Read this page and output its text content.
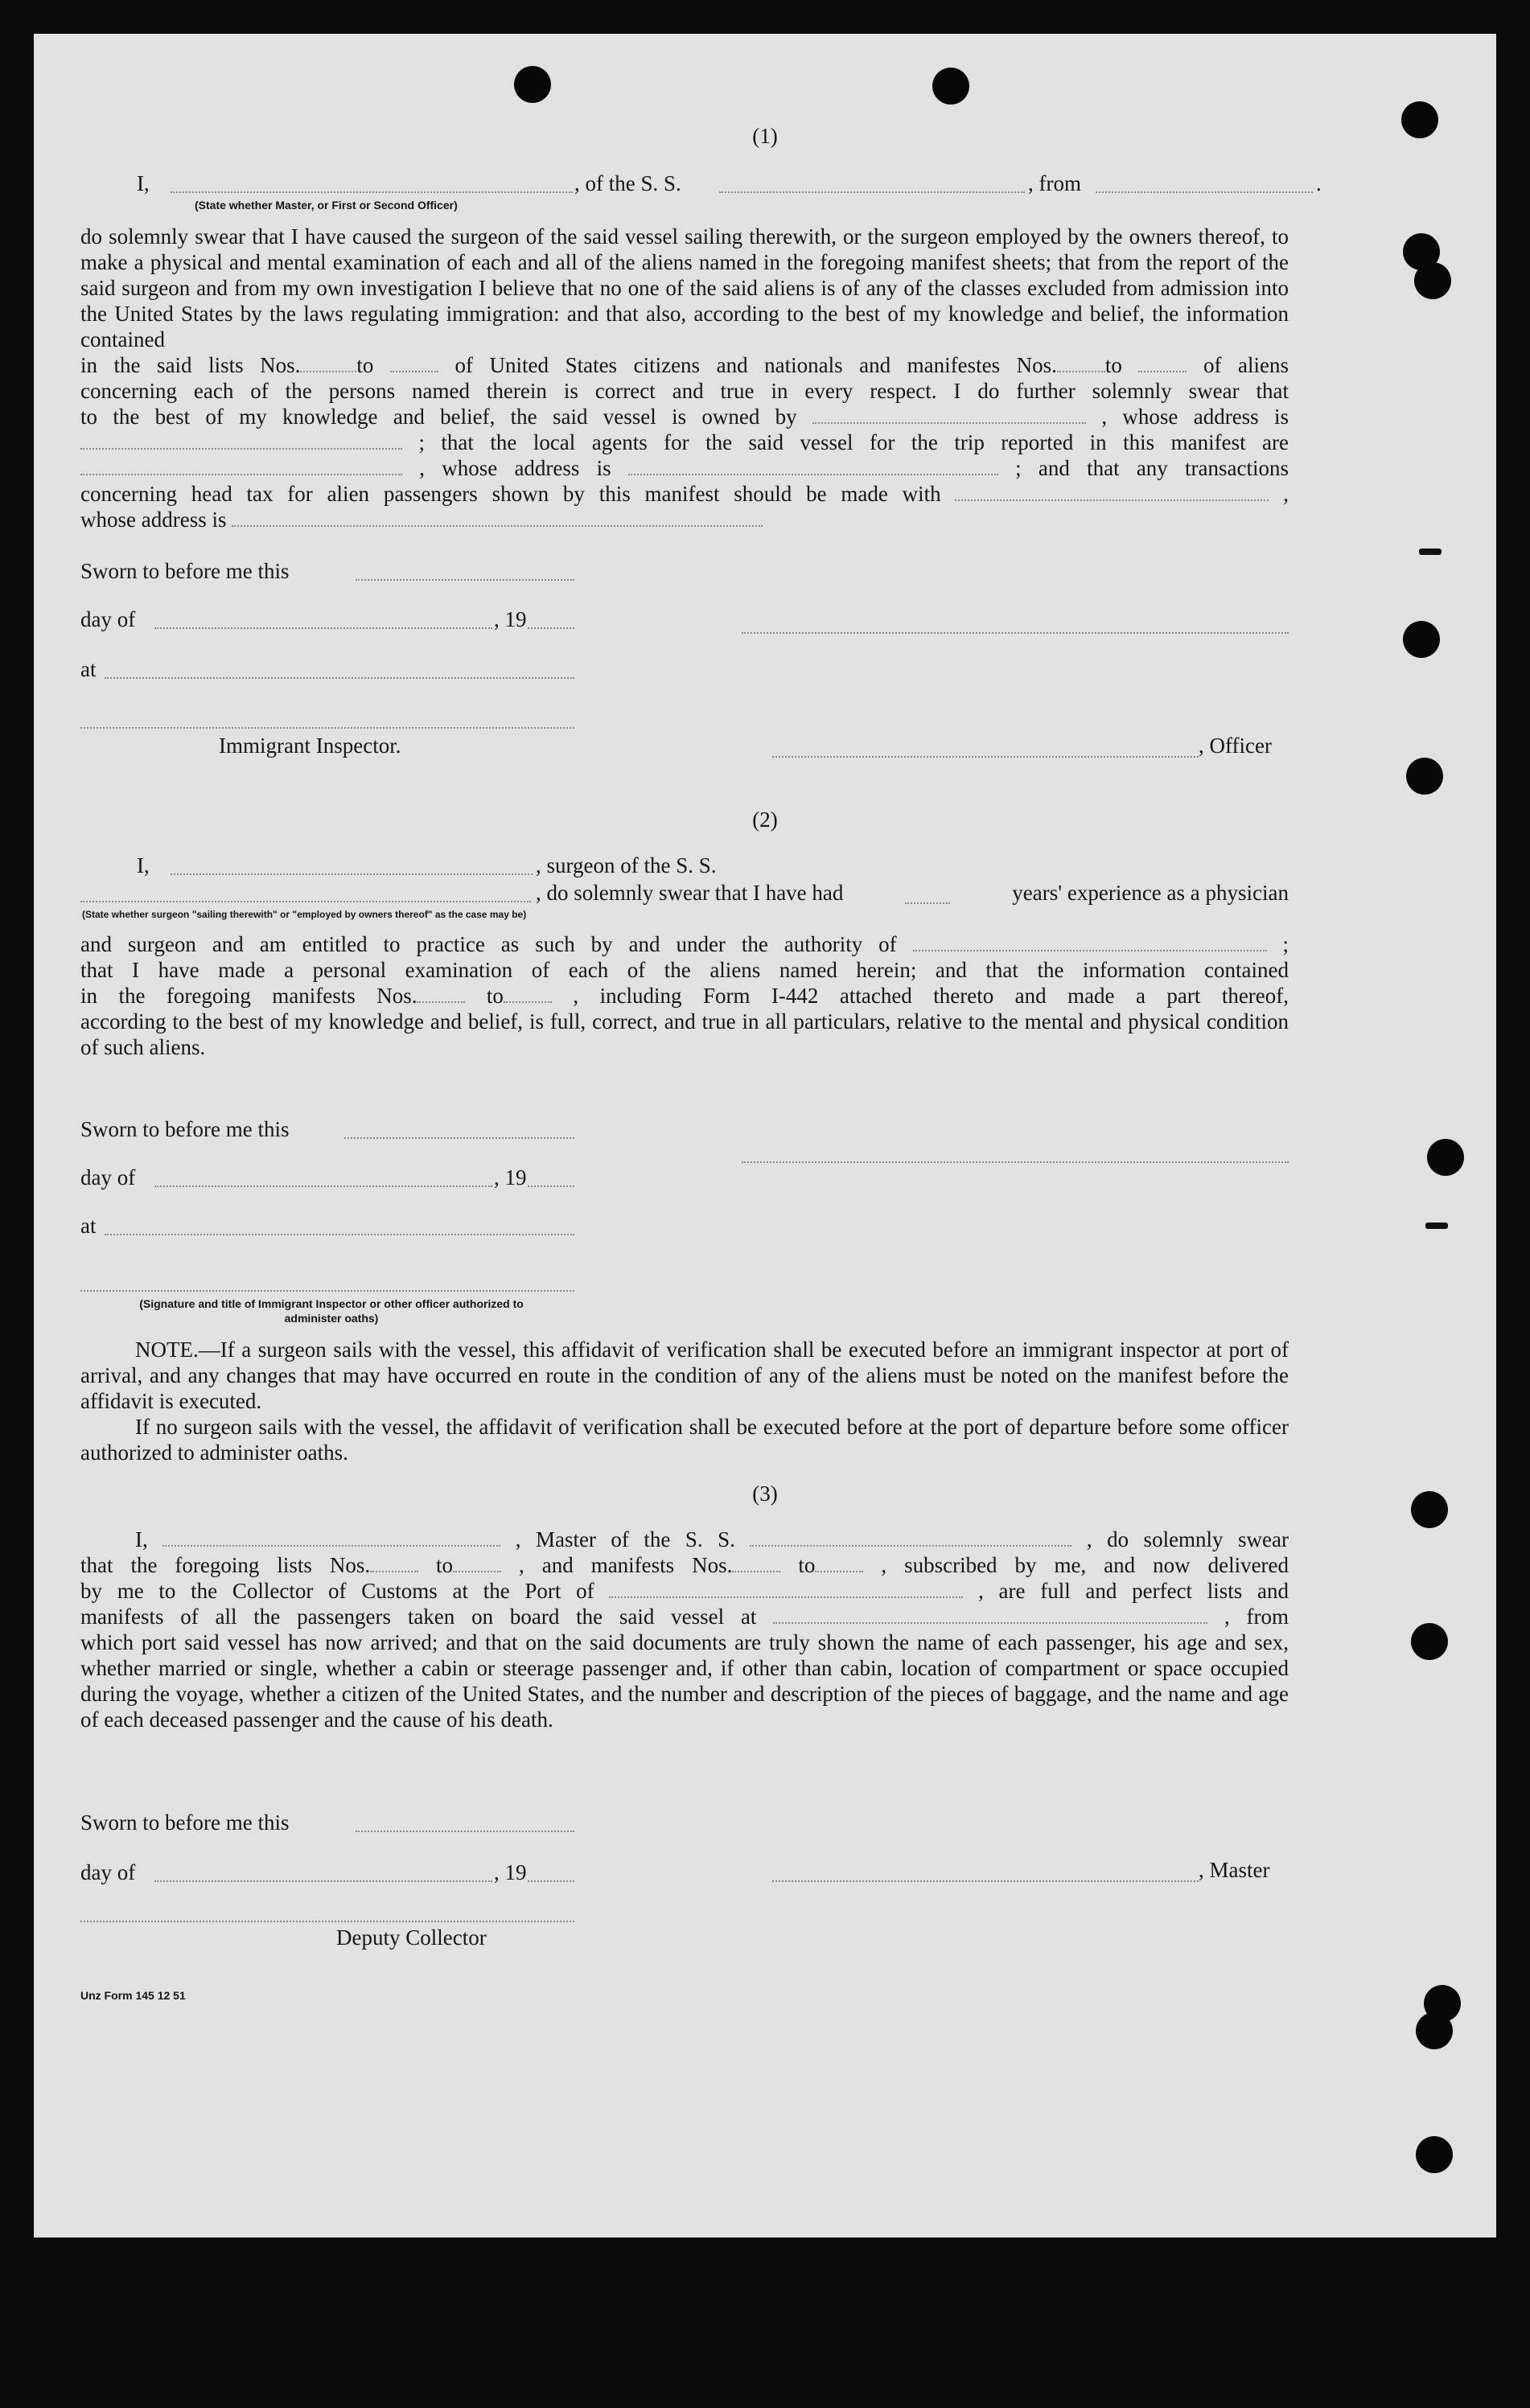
(1)
I,	, of the S. S.	, from	.
(State whether Master, or First or Second Officer)

do solemnly swear that I have caused the surgeon of the said vessel sailing therewith, or the surgeon employed by the owners thereof, to make a physical and mental examination of each and all of the aliens named in the foregoing manifest sheets; that from the report of the said surgeon and from my own investigation I believe that no one of the said aliens is of any of the classes excluded from admission into the United States by the laws regulating immigration: and that also, according to the best of my knowledge and belief, the information contained

in the said lists Nos.	to	of United States citizens and nationals and manifestes Nos. to	of aliens

concerning each of the persons named therein is correct and true in every respect. I do further solemnly swear that

to the best of my knowledge and belief, the said vessel is owned by	, whose address is

; that the local agents for the said vessel for the trip reported in this manifest are

, whose address is	; and that any transactions

concerning head tax for alien passengers shown by this manifest should be made with	,

whose address is

Sworn to before me this
day of	, 19
at
Immigrant Inspector.	, Officer
(2)
I,	, surgeon of the S. S.
, do solemnly swear that I have had	years' experience as a physician
(State whether surgeon "sailing therewith" or "employed by owners thereof" as the case may be)

and surgeon and am entitled to practice as such by and under the authority of	;

that I have made a personal examination of each of the aliens named herein; and that the information contained

in the foregoing manifests Nos.	to	, including Form I-442 attached thereto and made a part thereof,

according to the best of my knowledge and belief, is full, correct, and true in all particulars, relative to the mental and physical condition of such aliens.

Sworn to before me this
day of	, 19
at
(Signature and title of Immigrant Inspector or other officer authorized to administer oaths)

NOTE.—If a surgeon sails with the vessel, this affidavit of verification shall be executed before an immigrant inspector at port of arrival, and any changes that may have occurred en route in the condition of any of the aliens must be noted on the manifest before the affidavit is executed.

If no surgeon sails with the vessel, the affidavit of verification shall be executed before at the port of departure before some officer authorized to administer oaths.

(3)

I,	, Master of the S. S.	, do solemnly swear

that the foregoing lists Nos.	to	, and manifests Nos.	to	, subscribed by me, and now delivered

by me to the Collector of Customs at the Port of	, are full and perfect lists and

manifests of all the passengers taken on board the said vessel at	, from

which port said vessel has now arrived; and that on the said documents are truly shown the name of each passenger, his age and sex, whether married or single, whether a cabin or steerage passenger and, if other than cabin, location of compartment or space occupied during the voyage, whether a citizen of the United States, and the number and description of the pieces of baggage, and the name and age of each deceased passenger and the cause of his death.

Sworn to before me this
day of	, 19	, Master
Deputy Collector
Unz Form 145 12 51
